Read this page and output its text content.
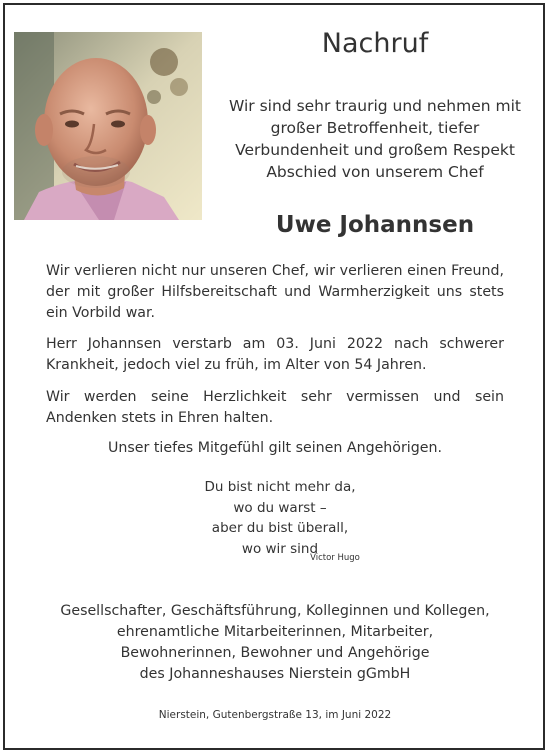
Nachruf
Wir sind sehr traurig und nehmen mit
großer Betroffenheit, tiefer
Verbundenheit und großem Respekt
Abschied von unserem Chef
Uwe Johannsen
Wir verlieren nicht nur unseren Chef, wir verlieren einen Freund, der mit großer Hilfsbereitschaft und Warmherzigkeit uns stets ein Vorbild war.
Herr Johannsen verstarb am 03. Juni 2022 nach schwerer Krankheit, jedoch viel zu früh, im Alter von 54 Jahren.
Wir werden seine Herzlichkeit sehr vermissen und sein Andenken stets in Ehren halten.
Unser tiefes Mitgefühl gilt seinen Angehörigen.
Du bist nicht mehr da,
wo du warst –
aber du bist überall,
wo wir sind
Victor Hugo
Gesellschafter, Geschäftsführung, Kolleginnen und Kollegen,
ehrenamtliche Mitarbeiterinnen, Mitarbeiter,
Bewohnerinnen, Bewohner und Angehörige
des Johanneshauses Nierstein gGmbH
Nierstein, Gutenbergstraße 13, im Juni 2022
